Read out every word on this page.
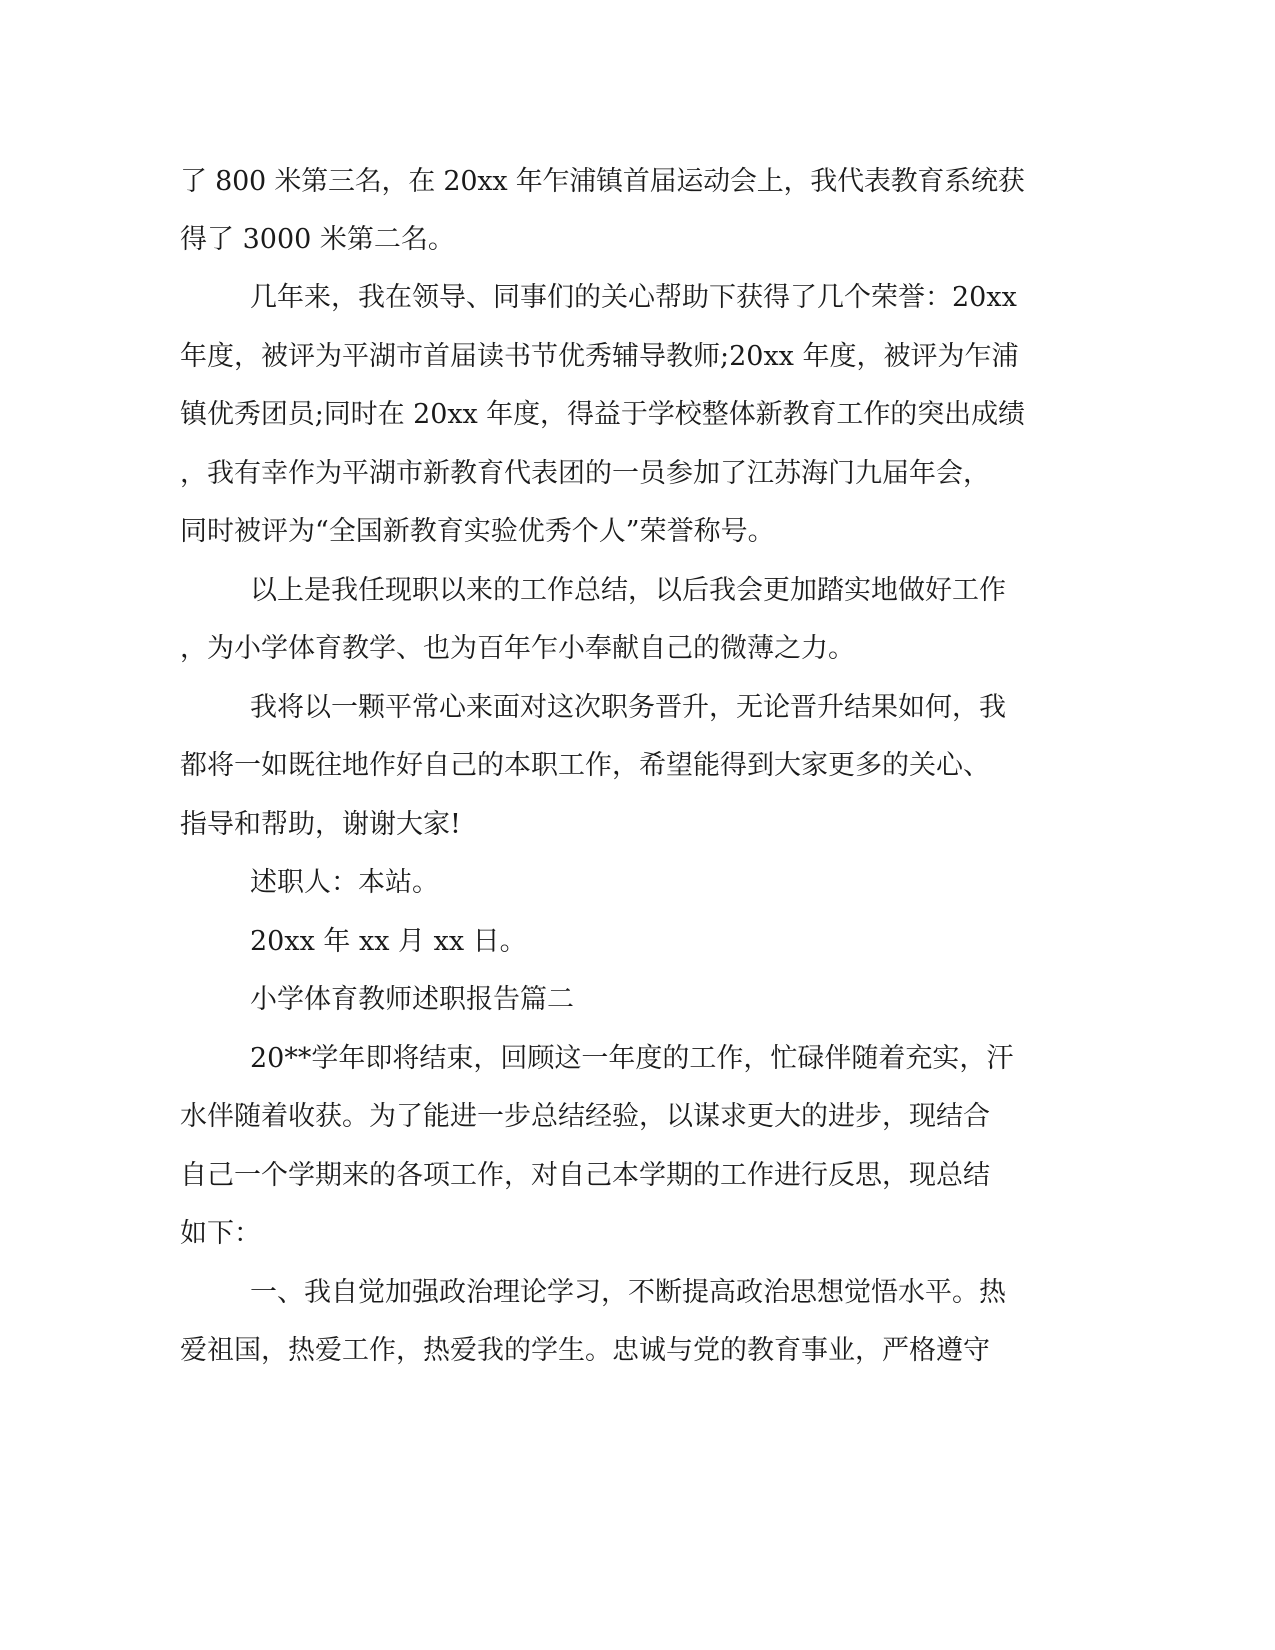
了 800 米第三名，在 20xx 年乍浦镇首届运动会上，我代表教育系统获
得了 3000 米第二名。
几年来，我在领导、同事们的关心帮助下获得了几个荣誉：20xx
年度，被评为平湖市首届读书节优秀辅导教师;20xx 年度，被评为乍浦
镇优秀团员;同时在 20xx 年度，得益于学校整体新教育工作的突出成绩
，我有幸作为平湖市新教育代表团的一员参加了江苏海门九届年会，
同时被评为“全国新教育实验优秀个人”荣誉称号。
以上是我任现职以来的工作总结，以后我会更加踏实地做好工作
，为小学体育教学、也为百年乍小奉献自己的微薄之力。
我将以一颗平常心来面对这次职务晋升，无论晋升结果如何，我
都将一如既往地作好自己的本职工作，希望能得到大家更多的关心、
指导和帮助，谢谢大家!
述职人：本站。
20xx 年 xx 月 xx 日。
小学体育教师述职报告篇二
20**学年即将结束，回顾这一年度的工作，忙碌伴随着充实，汗
水伴随着收获。为了能进一步总结经验，以谋求更大的进步，现结合
自己一个学期来的各项工作，对自己本学期的工作进行反思，现总结
如下：
一、我自觉加强政治理论学习，不断提高政治思想觉悟水平。热
爱祖国，热爱工作，热爱我的学生。忠诚与党的教育事业，严格遵守
